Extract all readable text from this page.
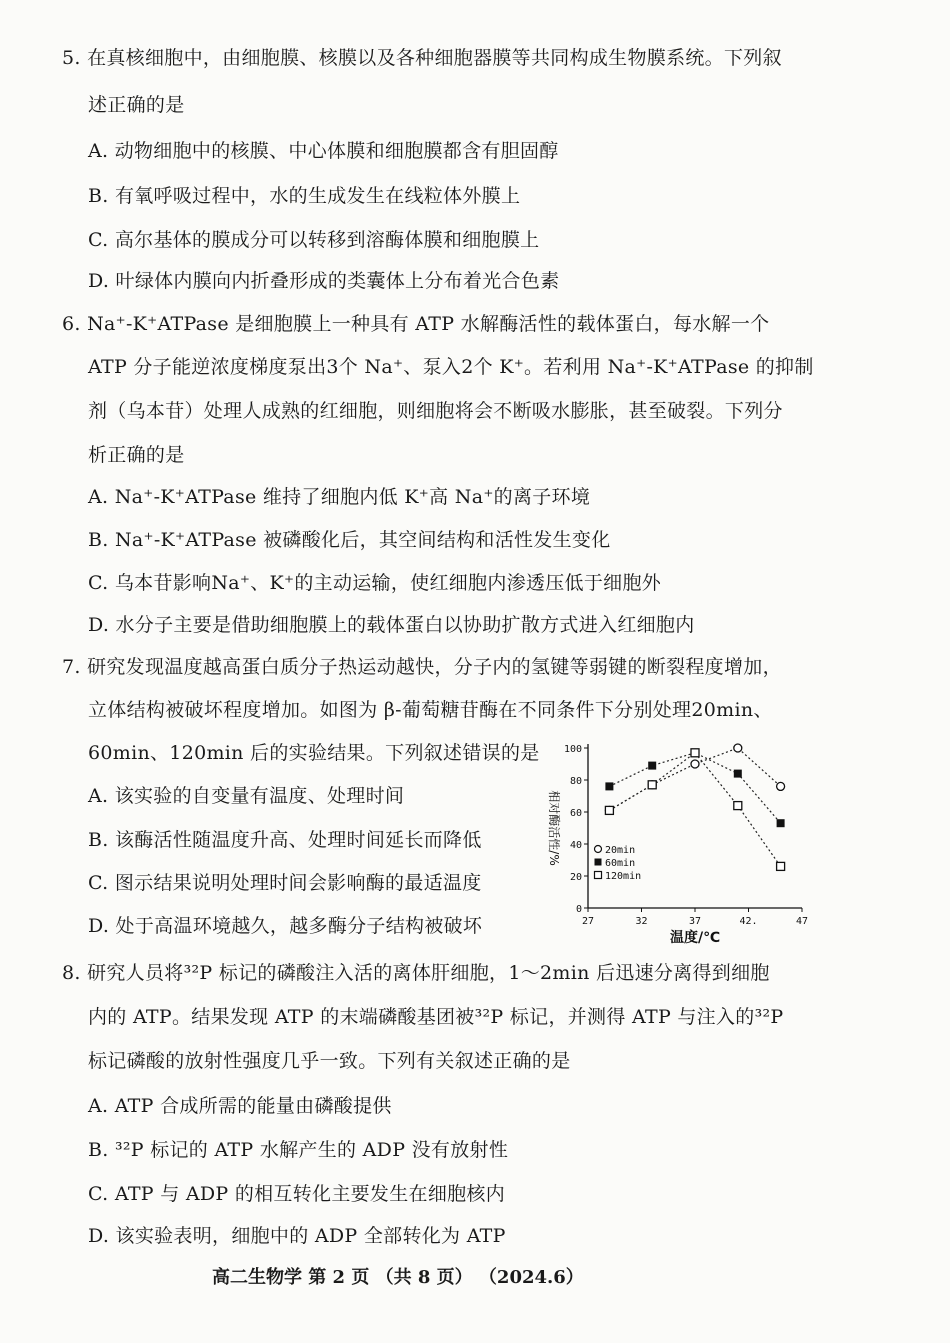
5. 在真核细胞中，由细胞膜、核膜以及各种细胞器膜等共同构成生物膜系统。下列叙
述正确的是
A. 动物细胞中的核膜、中心体膜和细胞膜都含有胆固醇
B. 有氧呼吸过程中，水的生成发生在线粒体外膜上
C. 高尔基体的膜成分可以转移到溶酶体膜和细胞膜上
D. 叶绿体内膜向内折叠形成的类囊体上分布着光合色素
6. Na⁺-K⁺ATPase 是细胞膜上一种具有 ATP 水解酶活性的载体蛋白，每水解一个
ATP 分子能逆浓度梯度泵出3个 Na⁺、泵入2个 K⁺。若利用 Na⁺-K⁺ATPase 的抑制
剂（乌本苷）处理人成熟的红细胞，则细胞将会不断吸水膨胀，甚至破裂。下列分
析正确的是
A. Na⁺-K⁺ATPase 维持了细胞内低 K⁺高 Na⁺的离子环境
B. Na⁺-K⁺ATPase 被磷酸化后，其空间结构和活性发生变化
C. 乌本苷影响Na⁺、K⁺的主动运输，使红细胞内渗透压低于细胞外
D. 水分子主要是借助细胞膜上的载体蛋白以协助扩散方式进入红细胞内
7. 研究发现温度越高蛋白质分子热运动越快，分子内的氢键等弱键的断裂程度增加，
立体结构被破坏程度增加。如图为 β-葡萄糖苷酶在不同条件下分别处理20min、
60min、120min 后的实验结果。下列叙述错误的是
A. 该实验的自变量有温度、处理时间
B. 该酶活性随温度升高、处理时间延长而降低
C. 图示结果说明处理时间会影响酶的最适温度
D. 处于高温环境越久，越多酶分子结构被破坏
0
20
40
60
80
100
27	32	37	42.	47
温度/℃
相对酶活性/%	20min
60min
120min
8. 研究人员将³²P 标记的磷酸注入活的离体肝细胞，1～2min 后迅速分离得到细胞
内的 ATP。结果发现 ATP 的末端磷酸基团被³²P 标记，并测得 ATP 与注入的³²P
标记磷酸的放射性强度几乎一致。下列有关叙述正确的是
A. ATP 合成所需的能量由磷酸提供
B. ³²P 标记的 ATP 水解产生的 ADP 没有放射性
C. ATP 与 ADP 的相互转化主要发生在细胞核内
D. 该实验表明，细胞中的 ADP 全部转化为 ATP
高二生物学 第 2 页 （共 8 页） （2024.6）
